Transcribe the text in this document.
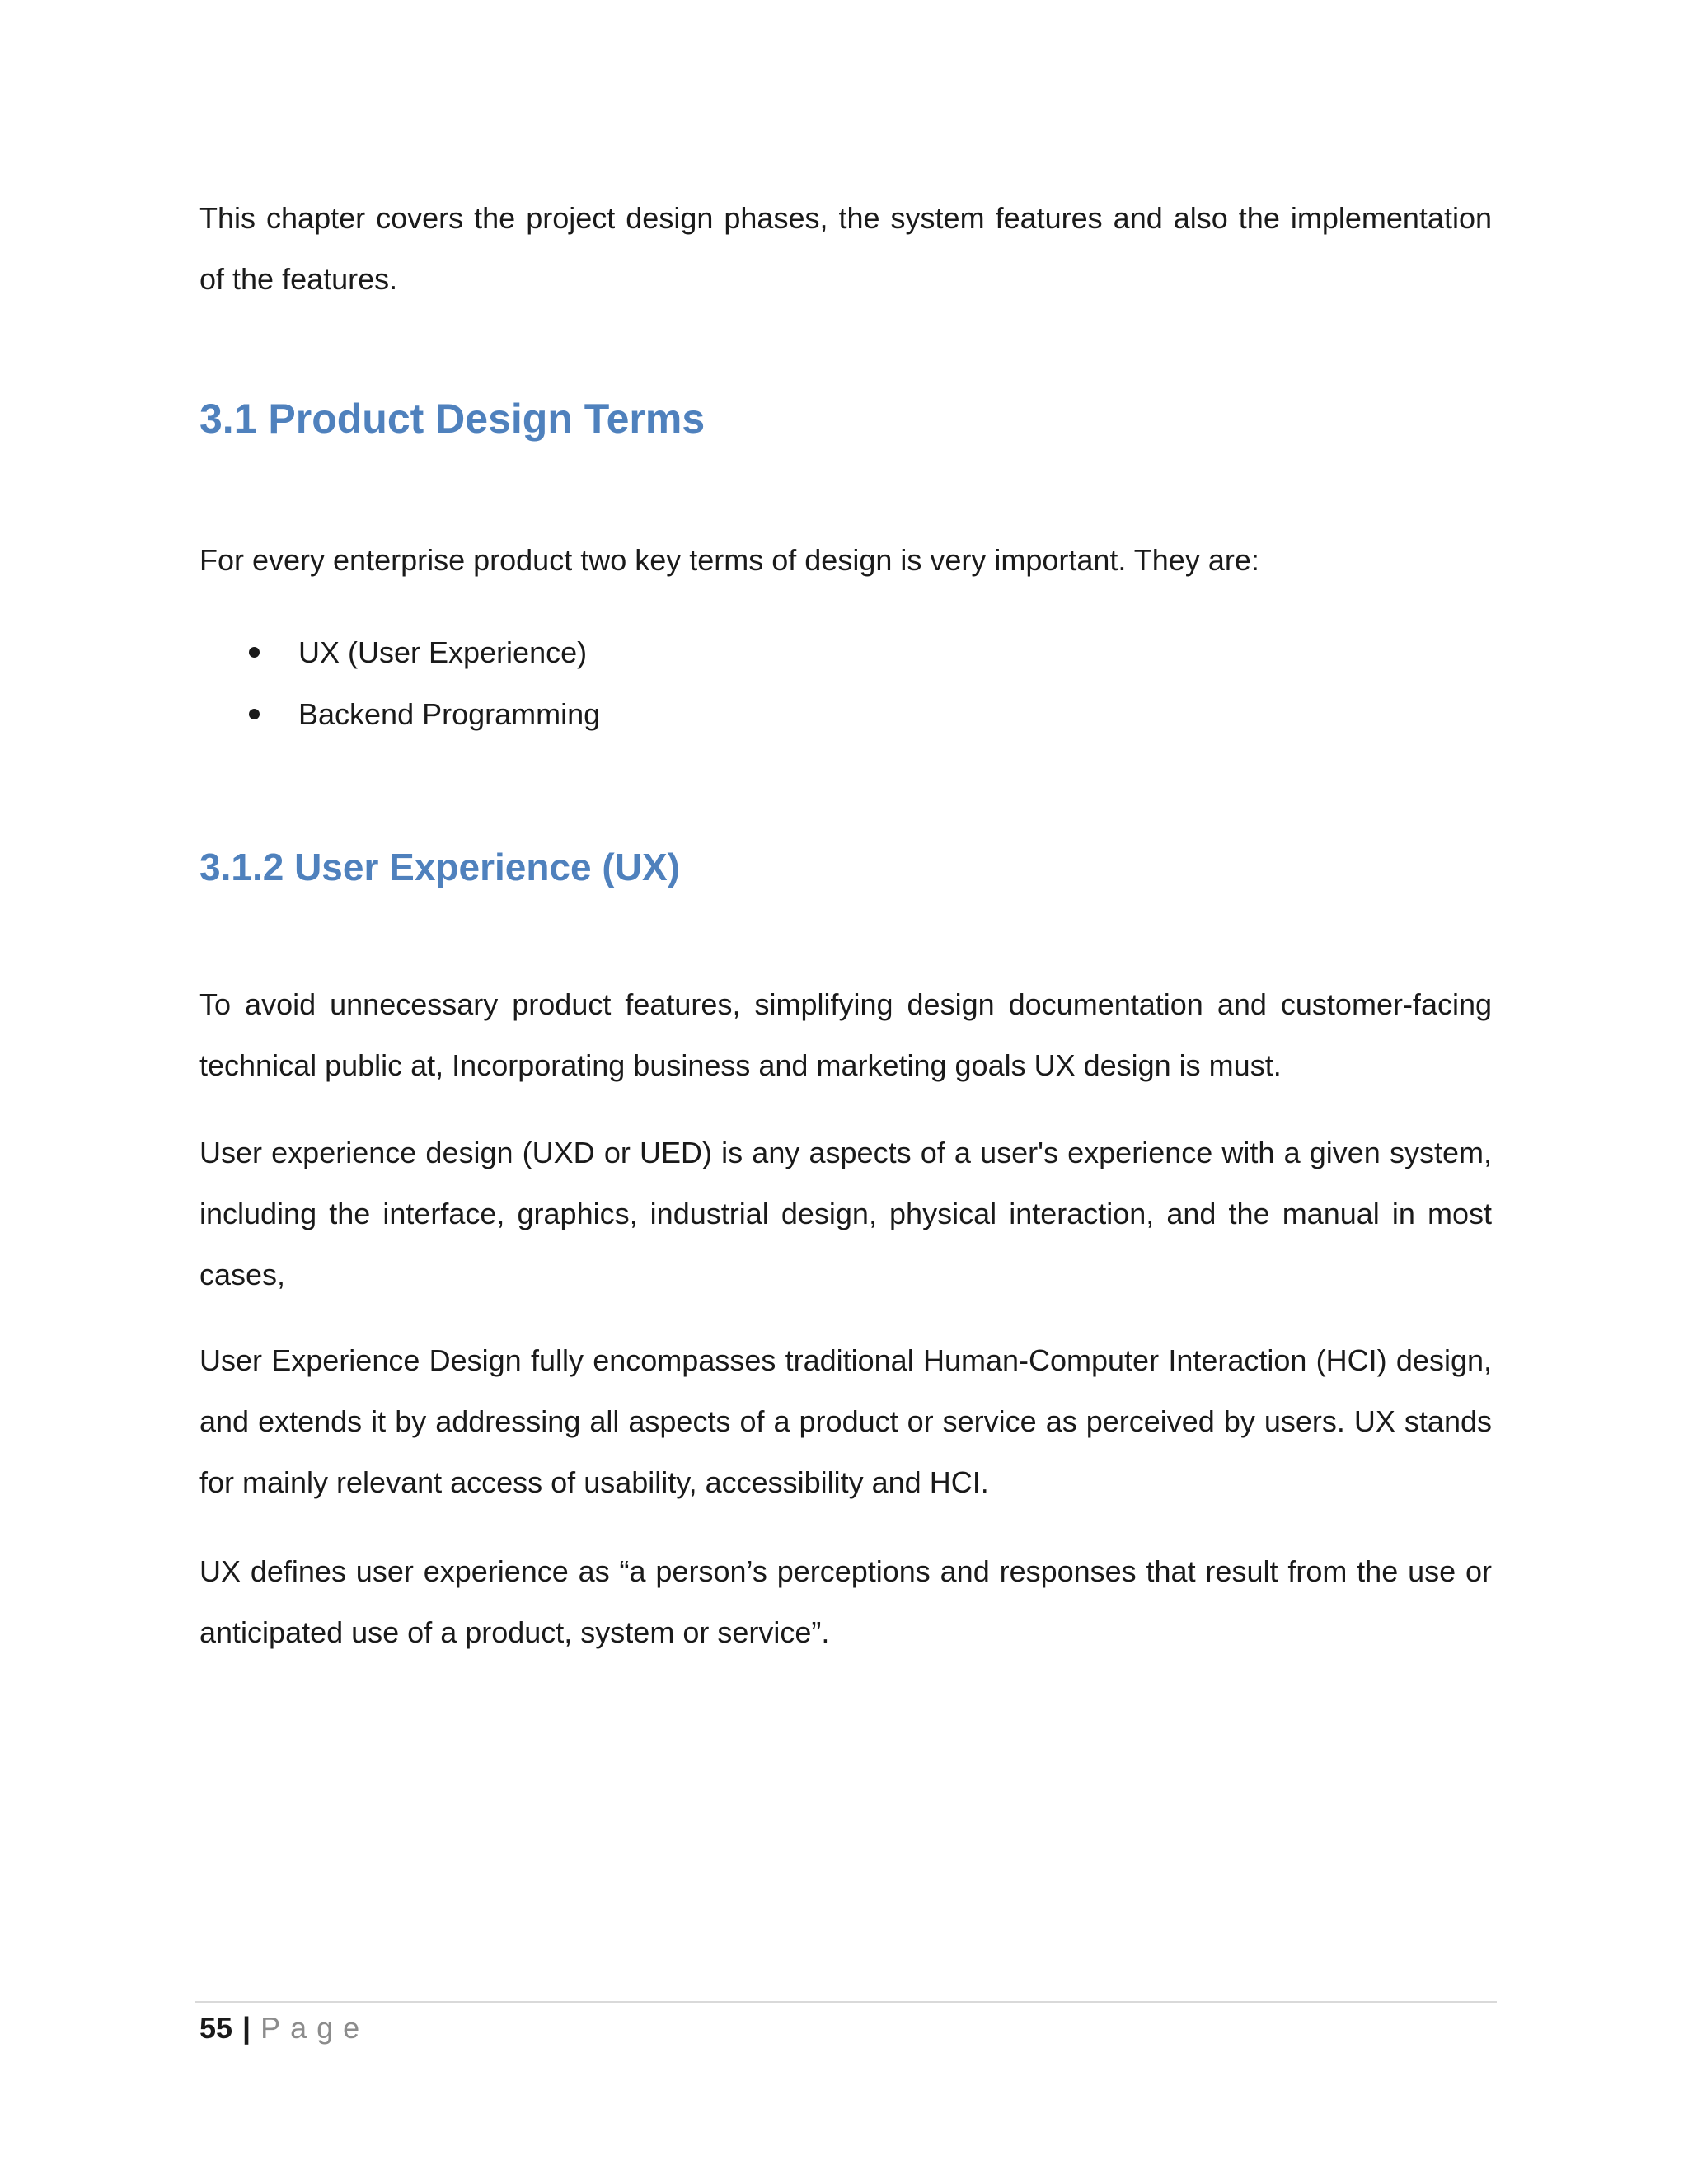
This chapter covers the project design phases, the system features and also the implementation of the features.

3.1 Product Design Terms

For every enterprise product two key terms of design is very important. They are:

UX (User Experience)
Backend Programming
3.1.2 User Experience (UX)

To avoid unnecessary product features, simplifying design documentation and customer-facing technical public at, Incorporating business and marketing goals UX design is must.

User experience design (UXD or UED) is any aspects of a user's experience with a given system, including the interface, graphics, industrial design, physical interaction, and the manual in most cases,

User Experience Design fully encompasses traditional Human-Computer Interaction (HCI) design, and extends it by addressing all aspects of a product or service as perceived by users. UX stands for mainly relevant access of usability, accessibility and HCI.

UX defines user experience as “a person’s perceptions and responses that result from the use or anticipated use of a product, system or service”.

55 | Page
